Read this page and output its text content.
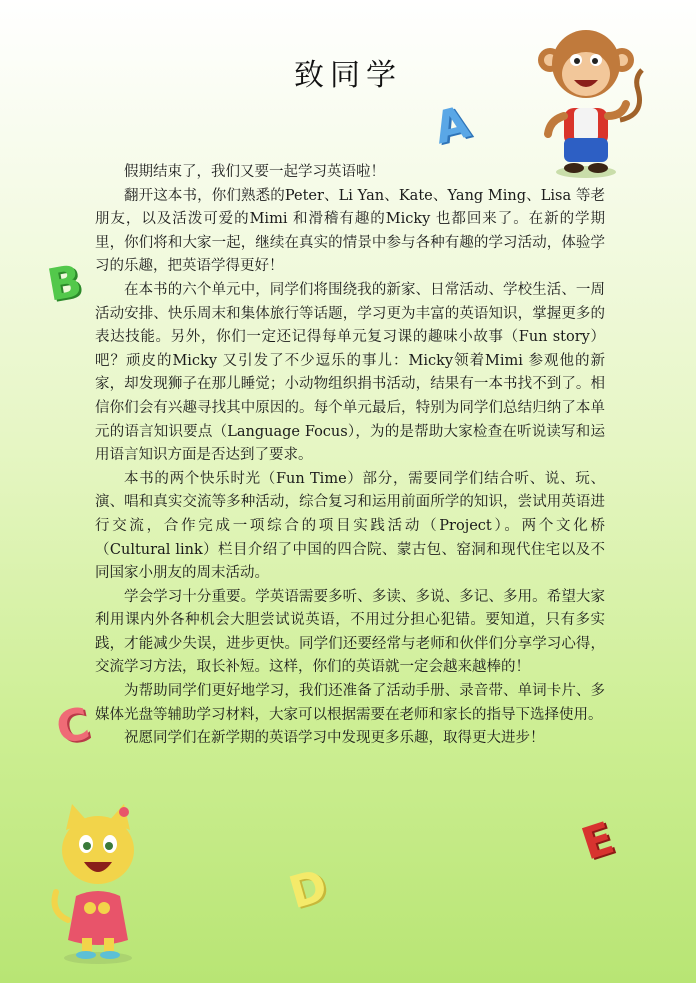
致同学
A
B
C
D
E

假期结束了，我们又要一起学习英语啦！

翻开这本书，你们熟悉的Peter、Li Yan、Kate、Yang Ming、Lisa 等老朋友，以及活泼可爱的Mimi 和滑稽有趣的Micky 也都回来了。在新的学期里，你们将和大家一起，继续在真实的情景中参与各种有趣的学习活动，体验学习的乐趣，把英语学得更好！

在本书的六个单元中，同学们将围绕我的新家、日常活动、学校生活、一周活动安排、快乐周末和集体旅行等话题，学习更为丰富的英语知识，掌握更多的表达技能。另外，你们一定还记得每单元复习课的趣味小故事（Fun story）吧？顽皮的Micky 又引发了不少逗乐的事儿：Micky领着Mimi 参观他的新家，却发现狮子在那儿睡觉；小动物组织捐书活动，结果有一本书找不到了。相信你们会有兴趣寻找其中原因的。每个单元最后，特别为同学们总结归纳了本单元的语言知识要点（Language Focus），为的是帮助大家检查在听说读写和运用语言知识方面是否达到了要求。

本书的两个快乐时光（Fun Time）部分，需要同学们结合听、说、玩、演、唱和真实交流等多种活动，综合复习和运用前面所学的知识，尝试用英语进行交流，合作完成一项综合的项目实践活动（Project）。两个文化桥（Cultural link）栏目介绍了中国的四合院、蒙古包、窑洞和现代住宅以及不同国家小朋友的周末活动。

学会学习十分重要。学英语需要多听、多读、多说、多记、多用。希望大家利用课内外各种机会大胆尝试说英语，不用过分担心犯错。要知道，只有多实践，才能减少失误，进步更快。同学们还要经常与老师和伙伴们分享学习心得，交流学习方法，取长补短。这样，你们的英语就一定会越来越棒的！

为帮助同学们更好地学习，我们还准备了活动手册、录音带、单词卡片、多媒体光盘等辅助学习材料，大家可以根据需要在老师和家长的指导下选择使用。

祝愿同学们在新学期的英语学习中发现更多乐趣，取得更大进步！
